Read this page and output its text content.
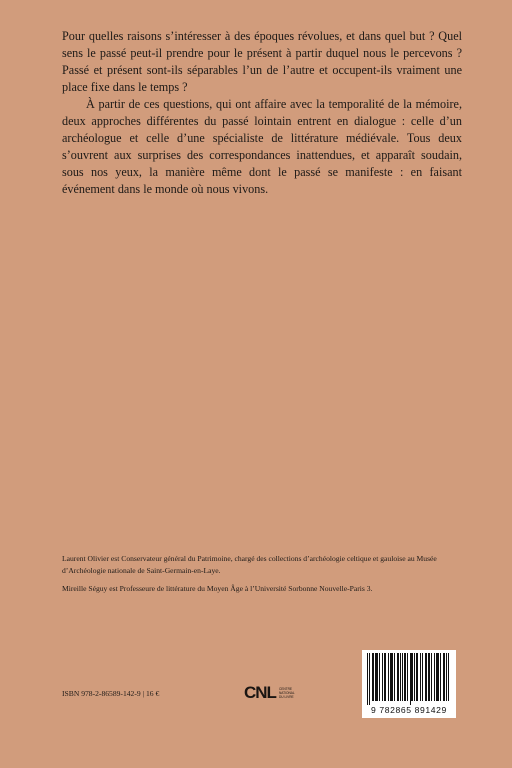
Pour quelles raisons s’intéresser à des époques révolues, et dans quel but ? Quel sens le passé peut-il prendre pour le présent à partir duquel nous le percevons ? Passé et présent sont-ils séparables l’un de l’autre et occupent-ils vraiment une place fixe dans le temps ?

À partir de ces questions, qui ont affaire avec la temporalité de la mémoire, deux approches différentes du passé lointain entrent en dialogue : celle d’un archéologue et celle d’une spécialiste de littérature médiévale. Tous deux s’ouvrent aux surprises des correspondances inattendues, et apparaît soudain, sous nos yeux, la manière même dont le passé se manifeste : en faisant événement dans le monde où nous vivons.

Laurent Olivier est Conservateur général du Patrimoine, chargé des collections d’archéologie celtique et gauloise au Musée d’Archéologie nationale de Saint-Germain-en-Laye.

Mireille Séguy est Professeure de littérature du Moyen Âge à l’Université Sorbonne Nouvelle-Paris 3.

ISBN 978-2-86589-142-9 | 16 €	CNL CENTRE
NATIONAL
DU LIVRE
9 782865 891429
